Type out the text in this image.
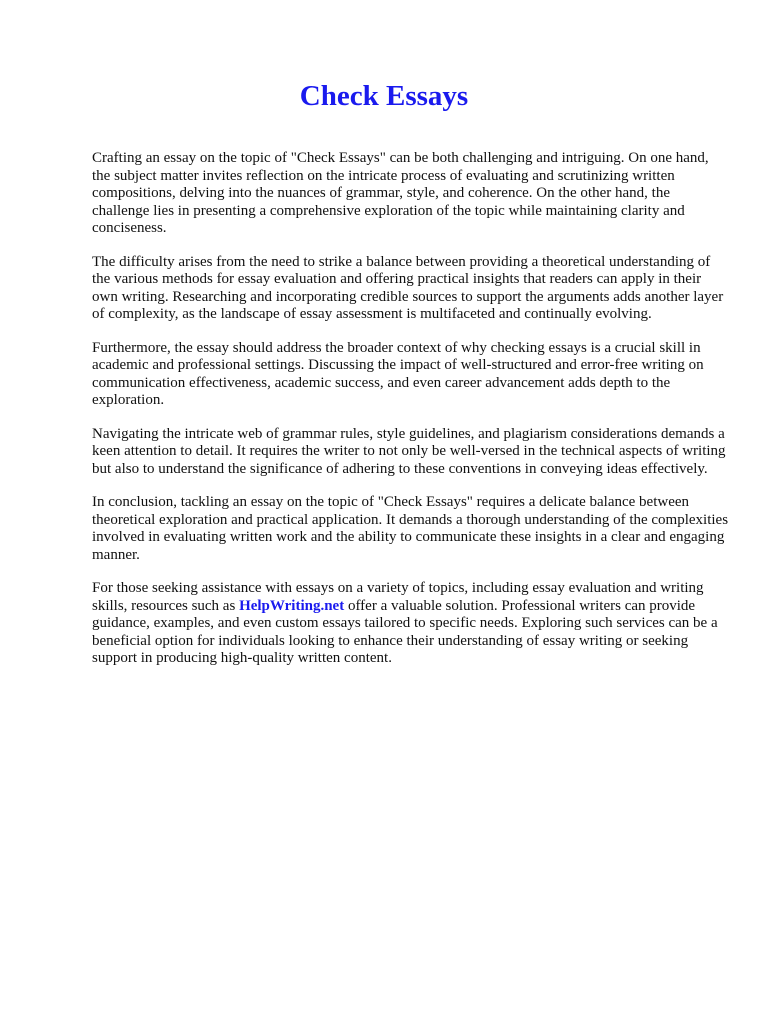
Check Essays

Crafting an essay on the topic of "Check Essays" can be both challenging and intriguing. On one hand, the subject matter invites reflection on the intricate process of evaluating and scrutinizing written compositions, delving into the nuances of grammar, style, and coherence. On the other hand, the challenge lies in presenting a comprehensive exploration of the topic while maintaining clarity and conciseness.

The difficulty arises from the need to strike a balance between providing a theoretical understanding of the various methods for essay evaluation and offering practical insights that readers can apply in their own writing. Researching and incorporating credible sources to support the arguments adds another layer of complexity, as the landscape of essay assessment is multifaceted and continually evolving.

Furthermore, the essay should address the broader context of why checking essays is a crucial skill in academic and professional settings. Discussing the impact of well-structured and error-free writing on communication effectiveness, academic success, and even career advancement adds depth to the exploration.

Navigating the intricate web of grammar rules, style guidelines, and plagiarism considerations demands a keen attention to detail. It requires the writer to not only be well-versed in the technical aspects of writing but also to understand the significance of adhering to these conventions in conveying ideas effectively.

In conclusion, tackling an essay on the topic of "Check Essays" requires a delicate balance between theoretical exploration and practical application. It demands a thorough understanding of the complexities involved in evaluating written work and the ability to communicate these insights in a clear and engaging manner.

For those seeking assistance with essays on a variety of topics, including essay evaluation and writing skills, resources such as HelpWriting.net offer a valuable solution. Professional writers can provide guidance, examples, and even custom essays tailored to specific needs. Exploring such services can be a beneficial option for individuals looking to enhance their understanding of essay writing or seeking support in producing high-quality written content.
